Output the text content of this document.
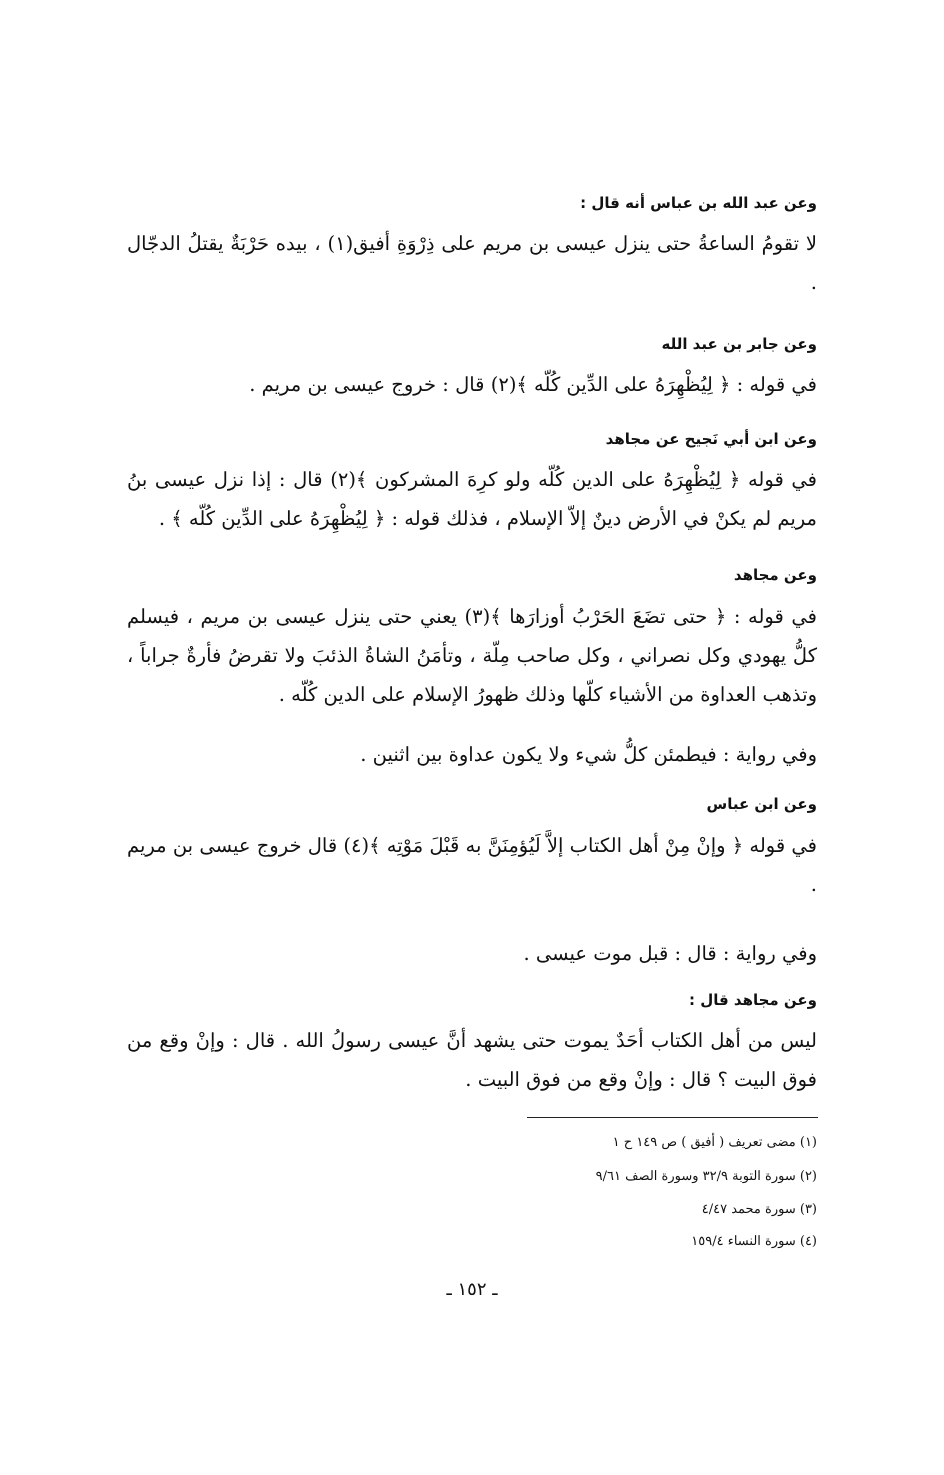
وعن عبد الله بن عباس أنه قال :
لا تقومُ الساعةُ حتى ينزل عيسى بن مريم على ذِرْوَةِ أفيق(١) ، بيده حَرْبَةٌ يقتلُ الدجّال .
وعن جابر بن عبد الله
في قوله : ﴿ لِيُظْهِرَهُ على الدِّين كُلّه ﴾(٢) قال : خروج عيسى بن مريم .
وعن ابن أبي نَجيح عن مجاهد
في قوله ﴿ لِيُظْهِرَهُ على الدين كُلّه ولو كرِهَ المشركون ﴾(٢) قال : إذا نزل عيسى بنُ مريم لم يكنْ في الأرض دينٌ إلاّ الإسلام ، فذلك قوله : ﴿ لِيُظْهِرَهُ على الدِّين كُلّه ﴾ .
وعن مجاهد
في قوله : ﴿ حتى تضَعَ الحَرْبُ أوزارَها ﴾(٣) يعني حتى ينزل عيسى بن مريم ، فيسلم كلُّ يهودي وكل نصراني ، وكل صاحب مِلّة ، وتأمَنُ الشاةُ الذئبَ ولا تقرضُ فأرةٌ جراباً ، وتذهب العداوة من الأشياء كلّها وذلك ظهورُ الإسلام على الدين كُلّه .
وفي رواية : فيطمئن كلُّ شيء ولا يكون عداوة بين اثنين .
وعن ابن عباس
في قوله ﴿ وإنْ مِنْ أهل الكتاب إلاَّ لَيُؤمِنَنَّ به قَبْلَ مَوْتِه ﴾(٤) قال خروج عيسى بن مريم .
وفي رواية : قال : قبل موت عيسى .
وعن مجاهد قال :
ليس من أهل الكتاب أحَدٌ يموت حتى يشهد أنَّ عيسى رسولُ الله . قال : وإنْ وقع من فوق البيت ؟ قال : وإنْ وقع من فوق البيت .
(١) مضى تعريف ( أفيق ) ص ١٤٩ ح ١
(٢) سورة التوبة ٣٢/٩ وسورة الصف ٩/٦١
(٣) سورة محمد ٤/٤٧
(٤) سورة النساء ١٥٩/٤
ـ ١٥٢ ـ
